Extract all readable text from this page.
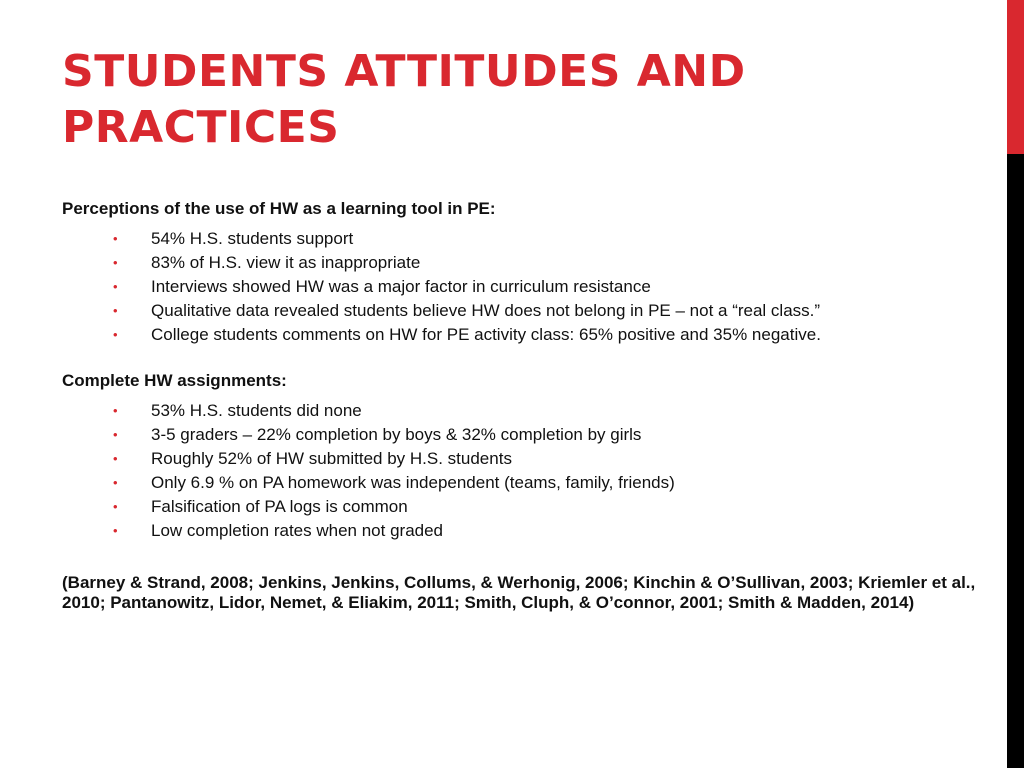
STUDENTS ATTITUDES AND
PRACTICES

Perceptions of the use of HW as a learning tool in PE:

• 54% H.S. students support
• 83% of H.S. view it as inappropriate
• Interviews showed HW was a major factor in curriculum resistance
• Qualitative data revealed students believe HW does not belong in PE – not a “real class.”
• College students comments on HW for PE activity class: 65% positive and 35% negative.

Complete HW assignments:

• 53% H.S. students did none
• 3-5 graders – 22% completion by boys & 32% completion by girls
• Roughly 52% of HW submitted by H.S. students
• Only 6.9 % on PA homework was independent (teams, family, friends)
• Falsification of PA logs is common
• Low completion rates when not graded

(Barney & Strand, 2008; Jenkins, Jenkins, Collums, & Werhonig, 2006; Kinchin & O’Sullivan, 2003; Kriemler et al., 2010; Pantanowitz, Lidor, Nemet, & Eliakim, 2011; Smith, Cluph, & O’connor, 2001; Smith & Madden, 2014)
